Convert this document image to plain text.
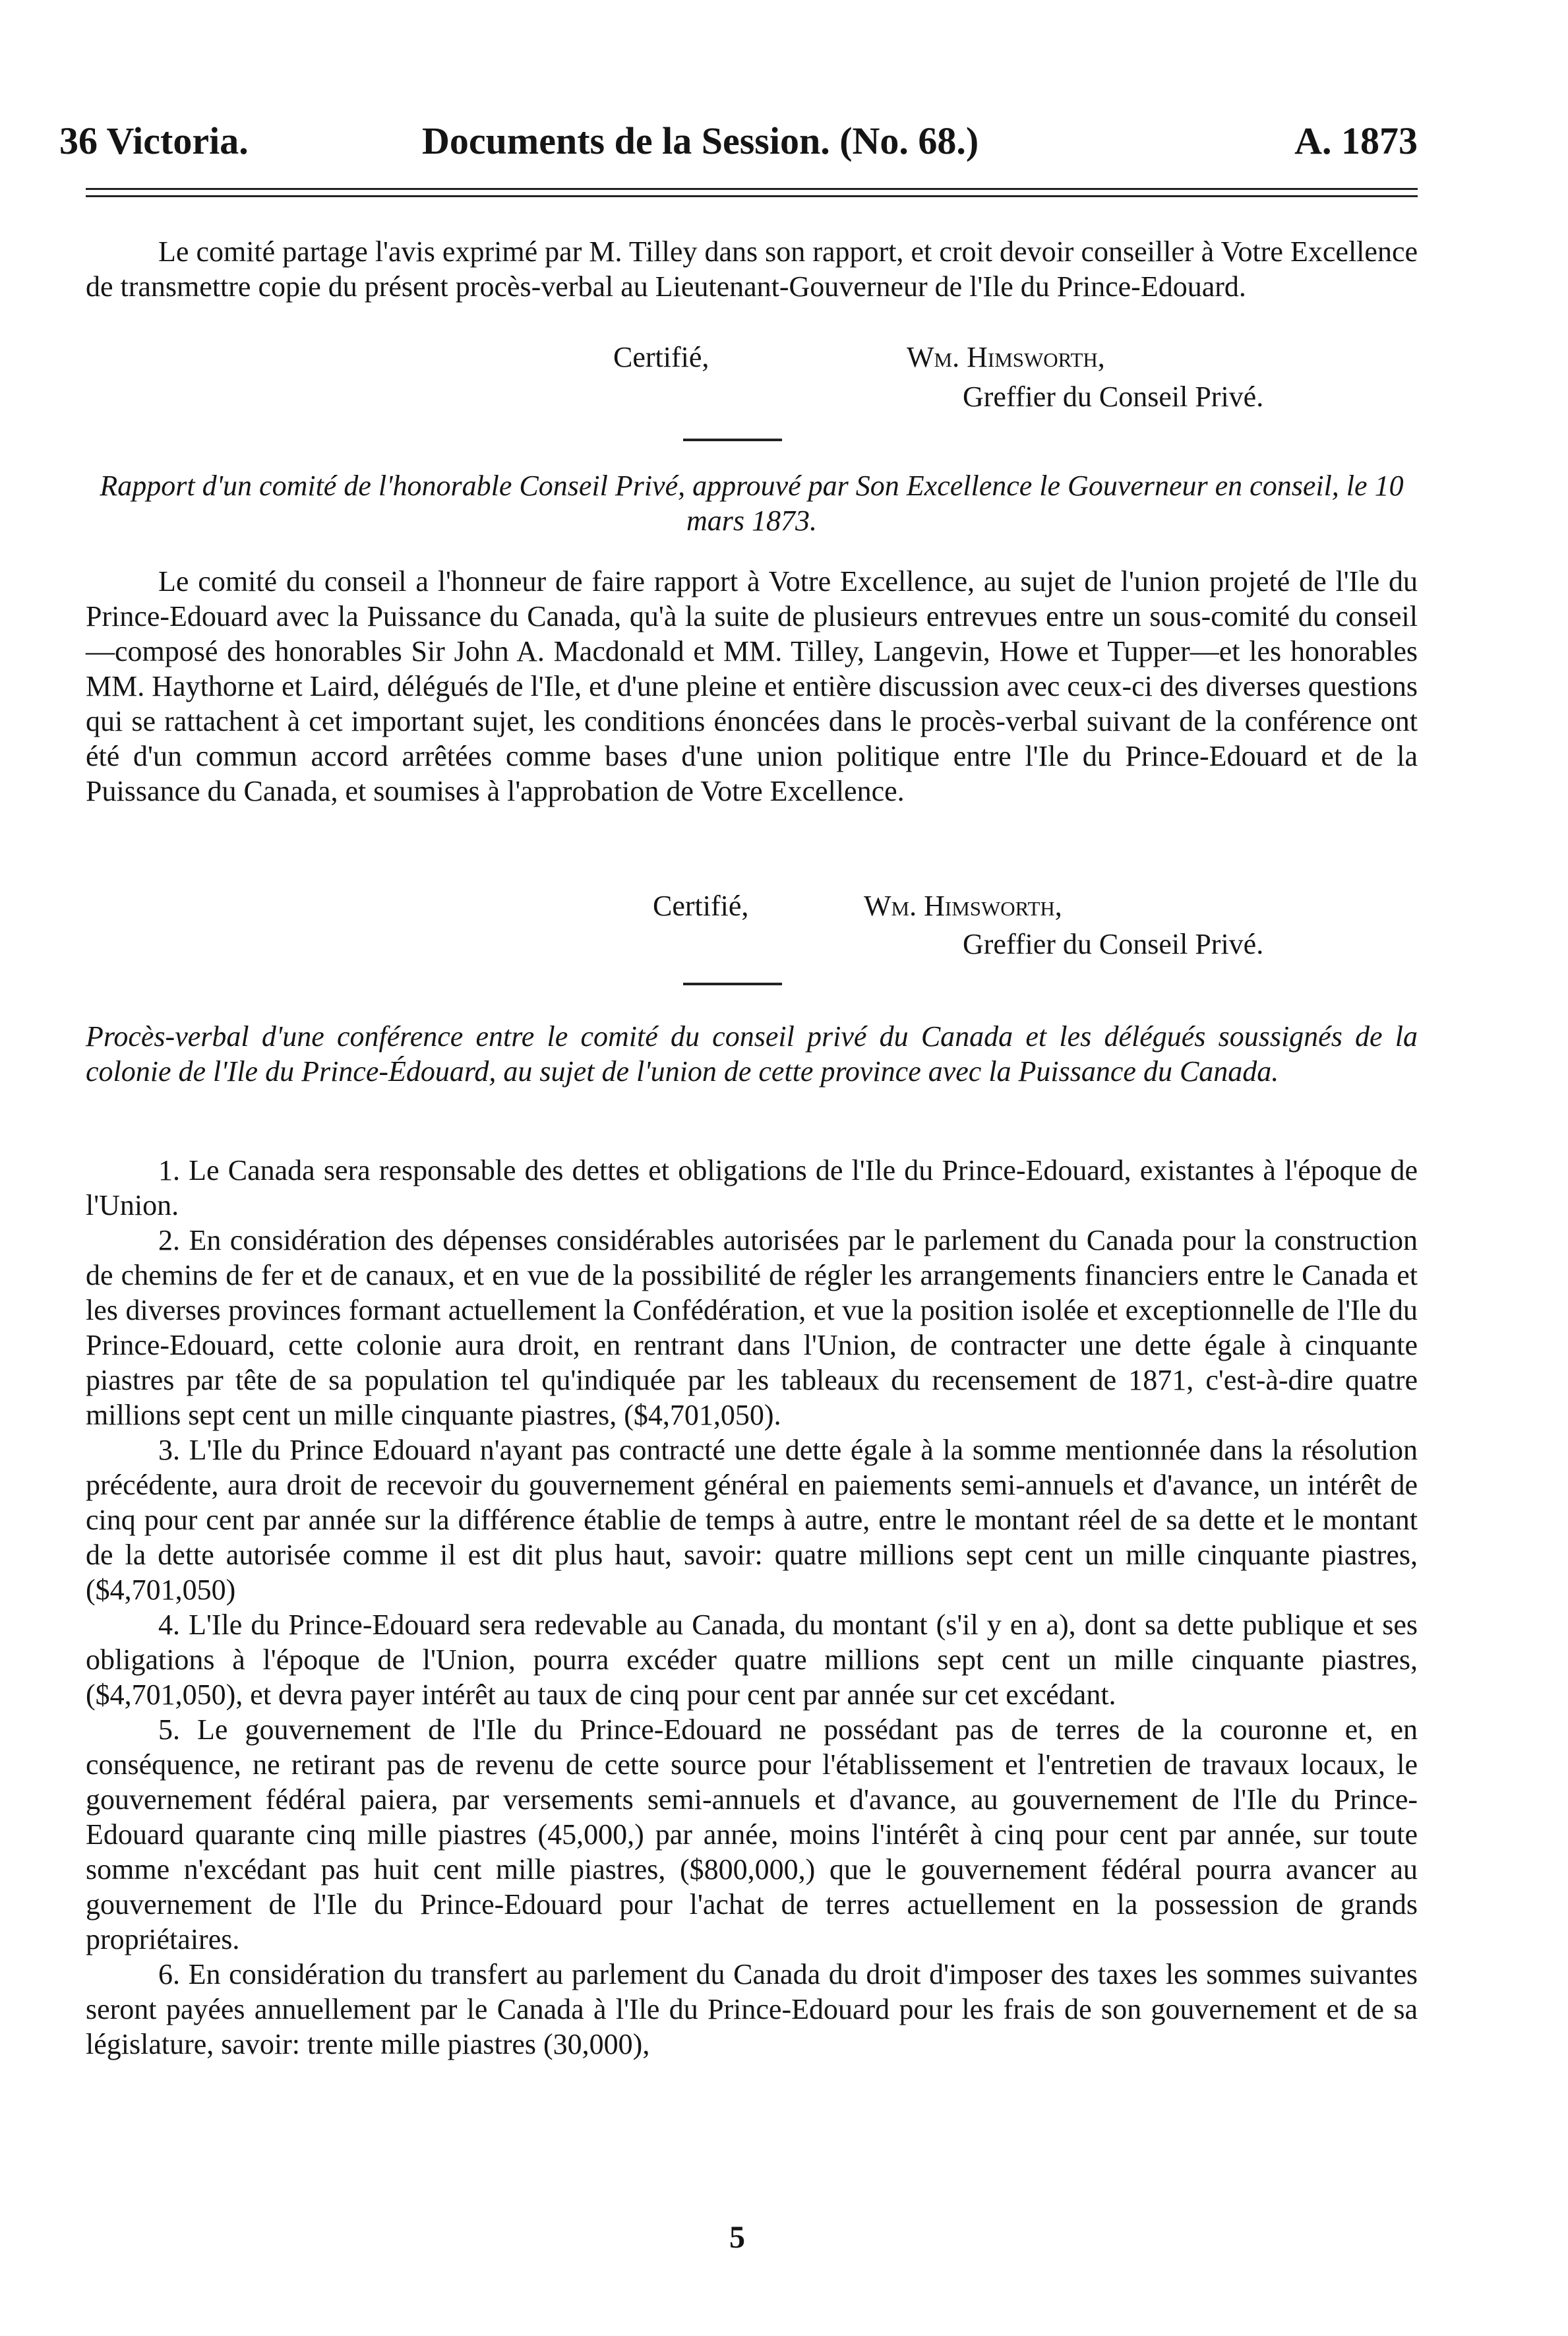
36 Victoria.	Documents de la Session. (No. 68.)	A. 1873

Le comité partage l'avis exprimé par M. Tilley dans son rapport, et croit devoir conseiller à Votre Excellence de transmettre copie du présent procès-verbal au Lieutenant-Gouverneur de l'Ile du Prince-Edouard.

Certifié,	Wm. Himsworth,
Greffier du Conseil Privé.
Rapport d'un comité de l'honorable Conseil Privé, approuvé par Son Excellence le Gouverneur en conseil, le 10 mars 1873.

Le comité du conseil a l'honneur de faire rapport à Votre Excellence, au sujet de l'union projeté de l'Ile du Prince-Edouard avec la Puissance du Canada, qu'à la suite de plusieurs entrevues entre un sous-comité du conseil—composé des honorables Sir John A. Macdonald et MM. Tilley, Langevin, Howe et Tupper—et les honorables MM. Haythorne et Laird, délégués de l'Ile, et d'une pleine et entière discussion avec ceux-ci des diverses questions qui se rattachent à cet important sujet, les conditions énoncées dans le procès-verbal suivant de la conférence ont été d'un commun accord arrêtées comme bases d'une union politique entre l'Ile du Prince-Edouard et de la Puissance du Canada, et soumises à l'approbation de Votre Excellence.

Certifié,	Wm. Himsworth,
Greffier du Conseil Privé.
Procès-verbal d'une conférence entre le comité du conseil privé du Canada et les délégués soussignés de la colonie de l'Ile du Prince-Édouard, au sujet de l'union de cette province avec la Puissance du Canada.

1. Le Canada sera responsable des dettes et obligations de l'Ile du Prince-Edouard, existantes à l'époque de l'Union.

2. En considération des dépenses considérables autorisées par le parlement du Canada pour la construction de chemins de fer et de canaux, et en vue de la possibilité de régler les arrangements financiers entre le Canada et les diverses provinces formant actuellement la Confédération, et vue la position isolée et exceptionnelle de l'Ile du Prince-Edouard, cette colonie aura droit, en rentrant dans l'Union, de contracter une dette égale à cinquante piastres par tête de sa population tel qu'indiquée par les tableaux du recensement de 1871, c'est-à-dire quatre millions sept cent un mille cinquante piastres, ($4,701,050).

3. L'Ile du Prince Edouard n'ayant pas contracté une dette égale à la somme mentionnée dans la résolution précédente, aura droit de recevoir du gouvernement général en paiements semi-annuels et d'avance, un intérêt de cinq pour cent par année sur la différence établie de temps à autre, entre le montant réel de sa dette et le montant de la dette autorisée comme il est dit plus haut, savoir: quatre millions sept cent un mille cinquante piastres, ($4,701,050)

4. L'Ile du Prince-Edouard sera redevable au Canada, du montant (s'il y en a), dont sa dette publique et ses obligations à l'époque de l'Union, pourra excéder quatre millions sept cent un mille cinquante piastres, ($4,701,050), et devra payer intérêt au taux de cinq pour cent par année sur cet excédant.

5. Le gouvernement de l'Ile du Prince-Edouard ne possédant pas de terres de la couronne et, en conséquence, ne retirant pas de revenu de cette source pour l'établissement et l'entretien de travaux locaux, le gouvernement fédéral paiera, par versements semi-annuels et d'avance, au gouvernement de l'Ile du Prince-Edouard quarante cinq mille piastres (45,000,) par année, moins l'intérêt à cinq pour cent par année, sur toute somme n'excédant pas huit cent mille piastres, ($800,000,) que le gouvernement fédéral pourra avancer au gouvernement de l'Ile du Prince-Edouard pour l'achat de terres actuellement en la possession de grands propriétaires.

6. En considération du transfert au parlement du Canada du droit d'imposer des taxes les sommes suivantes seront payées annuellement par le Canada à l'Ile du Prince-Edouard pour les frais de son gouvernement et de sa législature, savoir: trente mille piastres (30,000),

5
